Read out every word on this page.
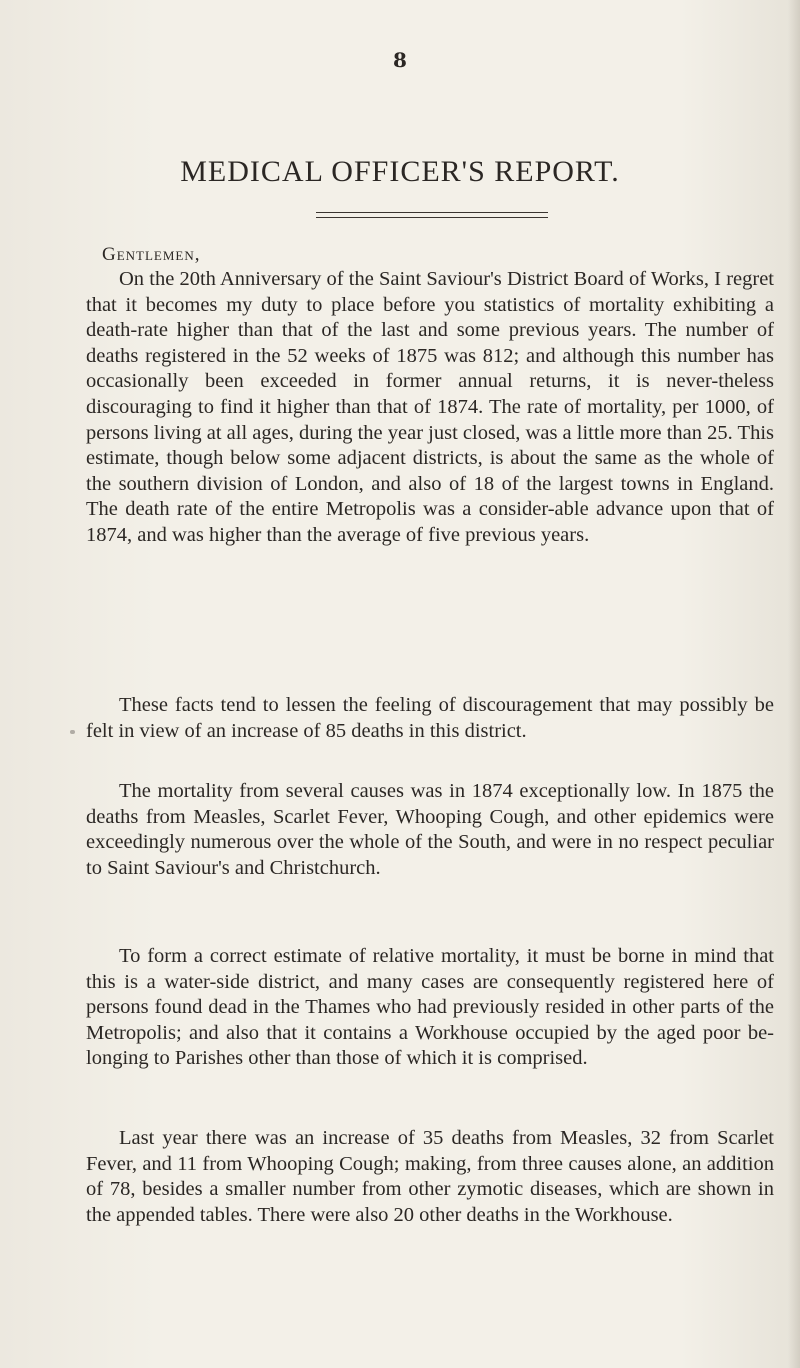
8
MEDICAL OFFICER'S REPORT.
Gentlemen,

On the 20th Anniversary of the Saint Saviour's District Board of Works, I regret that it becomes my duty to place before you statistics of mortality exhibiting a death-rate higher than that of the last and some previous years. The number of deaths registered in the 52 weeks of 1875 was 812; and although this number has occasionally been exceeded in former annual returns, it is never-theless discouraging to find it higher than that of 1874. The rate of mortality, per 1000, of persons living at all ages, during the year just closed, was a little more than 25. This estimate, though below some adjacent districts, is about the same as the whole of the southern division of London, and also of 18 of the largest towns in England. The death rate of the entire Metropolis was a consider-able advance upon that of 1874, and was higher than the average of five previous years.

These facts tend to lessen the feeling of discouragement that may possibly be felt in view of an increase of 85 deaths in this district.

The mortality from several causes was in 1874 exceptionally low. In 1875 the deaths from Measles, Scarlet Fever, Whooping Cough, and other epidemics were exceedingly numerous over the whole of the South, and were in no respect peculiar to Saint Saviour's and Christchurch.

To form a correct estimate of relative mortality, it must be borne in mind that this is a water-side district, and many cases are consequently registered here of persons found dead in the Thames who had previously resided in other parts of the Metropolis; and also that it contains a Workhouse occupied by the aged poor be-longing to Parishes other than those of which it is comprised.

Last year there was an increase of 35 deaths from Measles, 32 from Scarlet Fever, and 11 from Whooping Cough; making, from three causes alone, an addition of 78, besides a smaller number from other zymotic diseases, which are shown in the appended tables. There were also 20 other deaths in the Workhouse.
